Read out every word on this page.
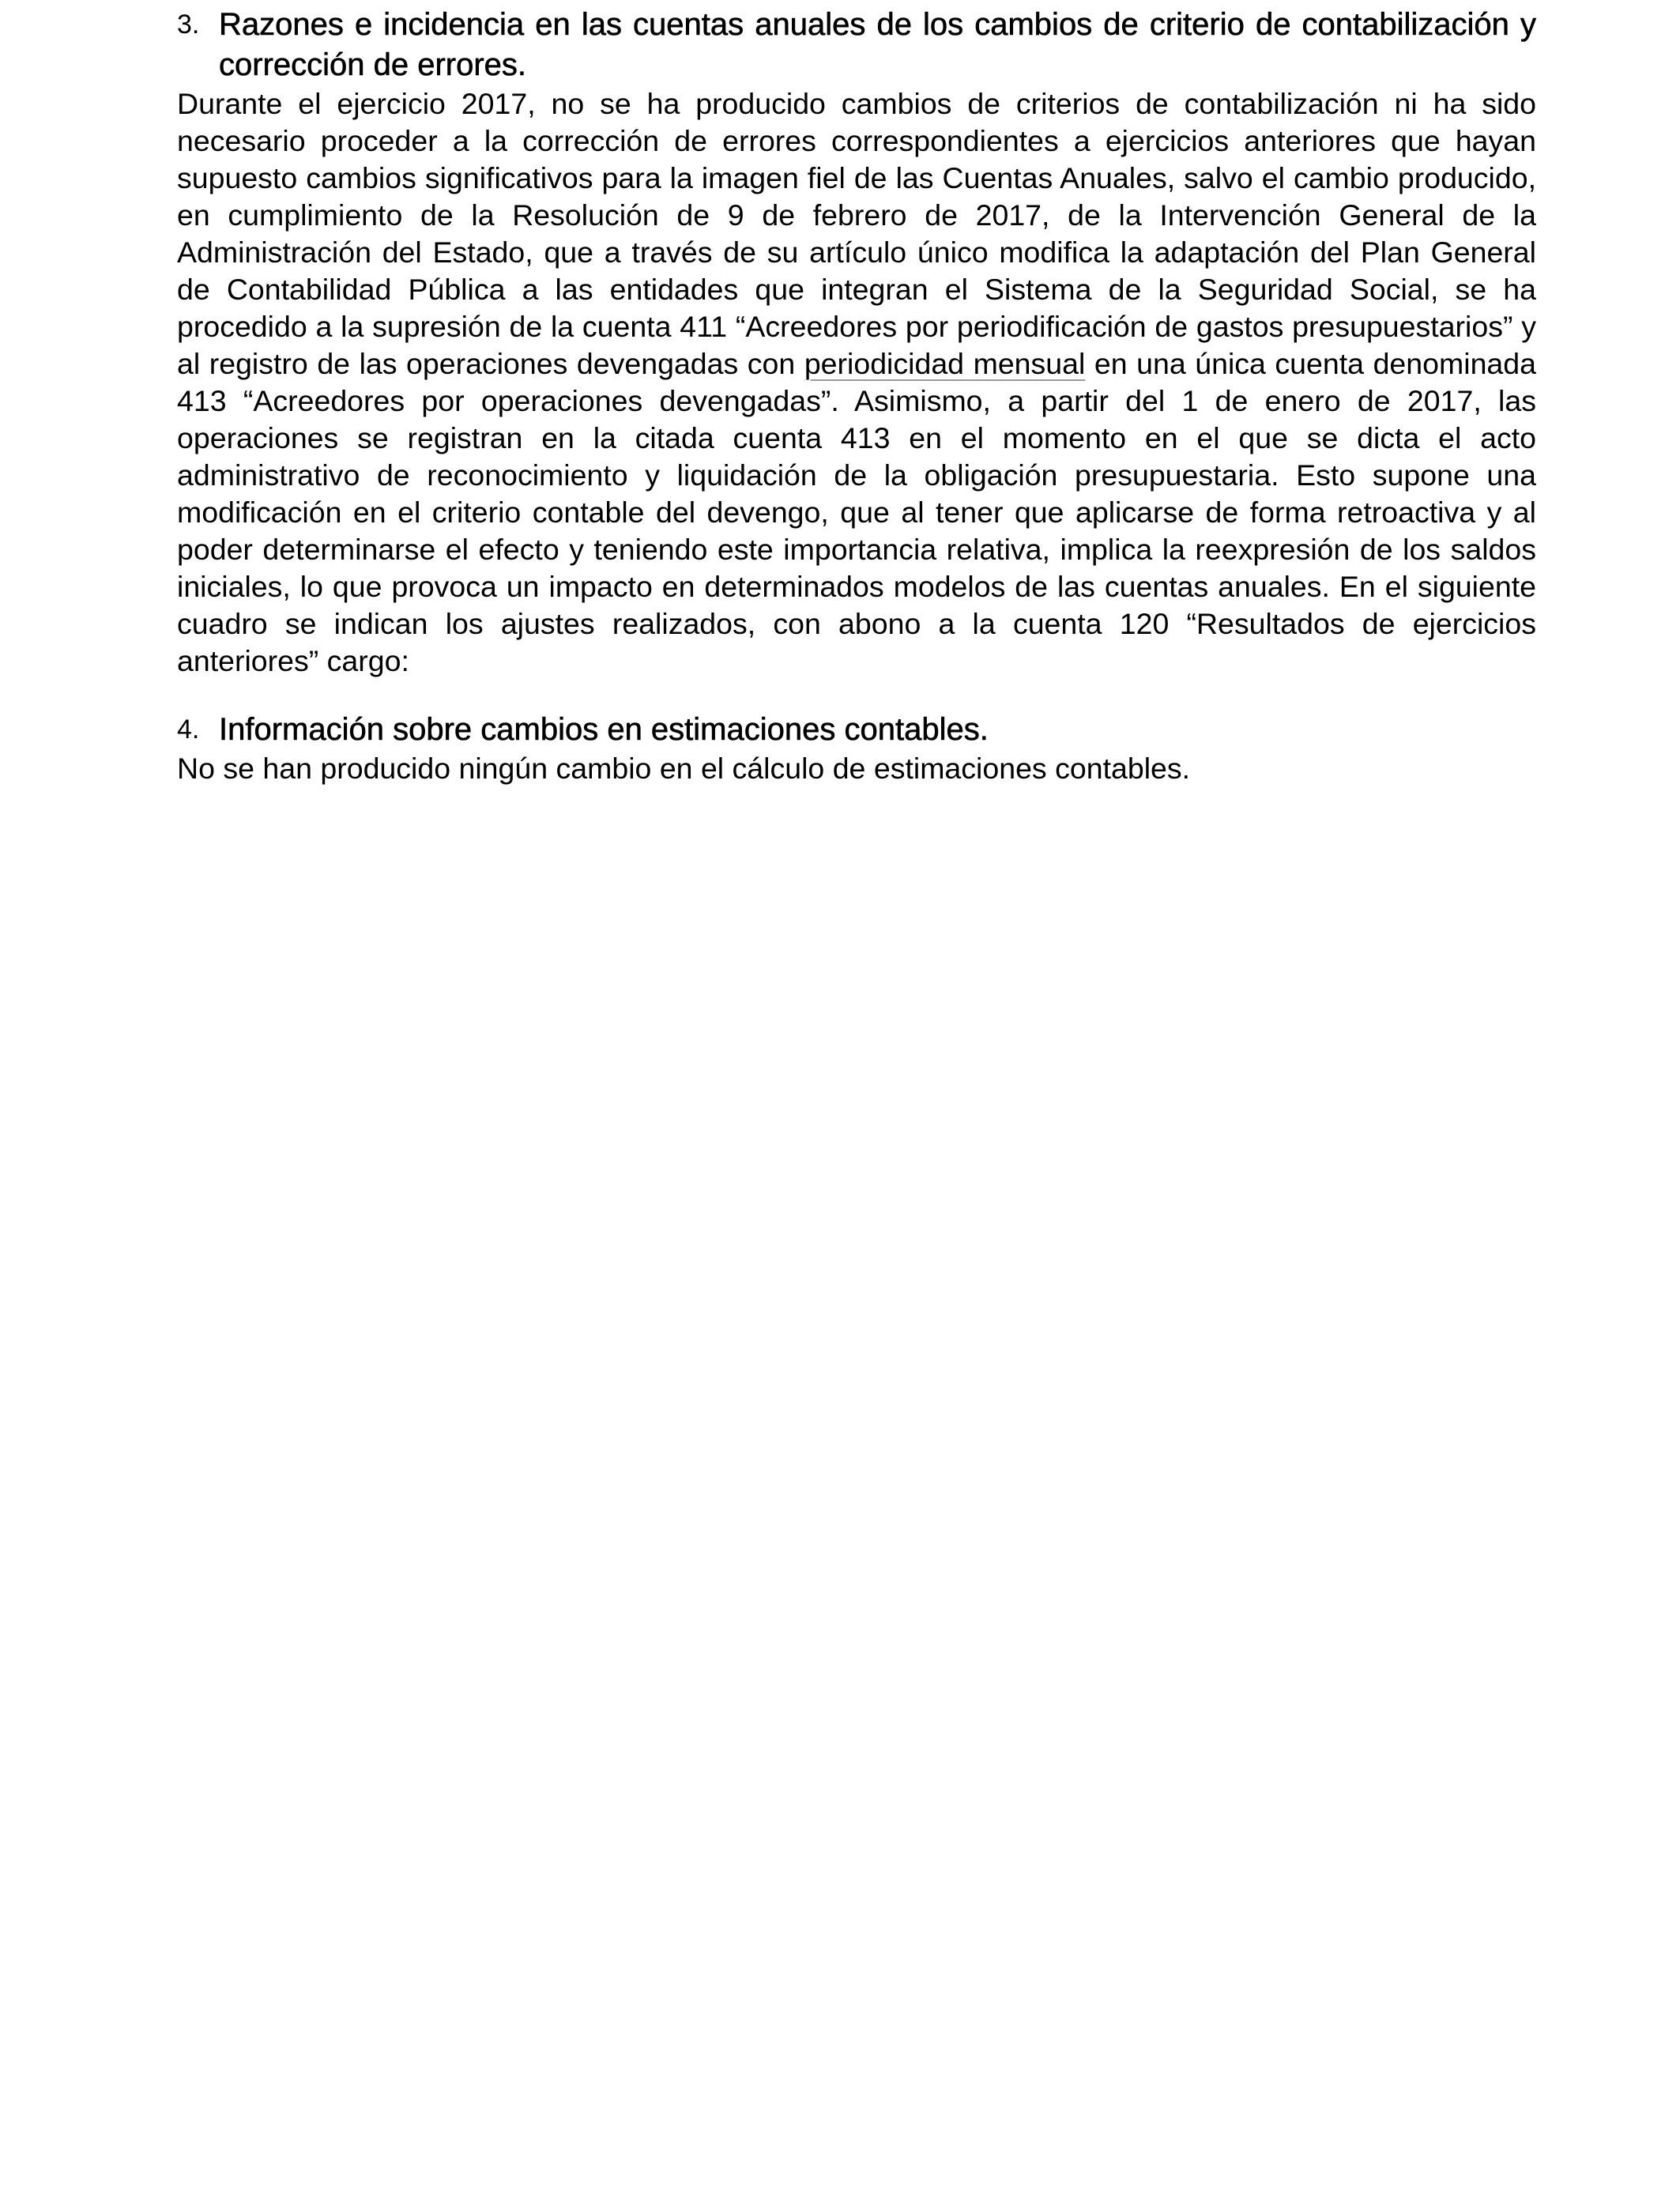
3. Razones e incidencia en las cuentas anuales de los cambios de criterio de contabilización y corrección de errores.

Durante el ejercicio 2017, no se ha producido cambios de criterios de contabilización ni ha sido necesario proceder a la corrección de errores correspondientes a ejercicios anteriores que hayan supuesto cambios significativos para la imagen fiel de las Cuentas Anuales, salvo el cambio producido, en cumplimiento de la Resolución de 9 de febrero de 2017, de la Intervención General de la Administración del Estado, que a través de su artículo único modifica la adaptación del Plan General de Contabilidad Pública a las entidades que integran el Sistema de la Seguridad Social, se ha procedido a la supresión de la cuenta 411 “Acreedores por periodificación de gastos presupuestarios” y al registro de las operaciones devengadas con periodicidad mensual en una única cuenta denominada 413 “Acreedores por operaciones devengadas”. Asimismo, a partir del 1 de enero de 2017, las operaciones se registran en la citada cuenta 413 en el momento en el que se dicta el acto administrativo de reconocimiento y liquidación de la obligación presupuestaria. Esto supone una modificación en el criterio contable del devengo, que al tener que aplicarse de forma retroactiva y al poder determinarse el efecto y teniendo este importancia relativa, implica la reexpresión de los saldos iniciales, lo que provoca un impacto en determinados modelos de las cuentas anuales. En el siguiente cuadro se indican los ajustes realizados, con abono a la cuenta 120 “Resultados de ejercicios anteriores” cargo:

4. Información sobre cambios en estimaciones contables.

No se han producido ningún cambio en el cálculo de estimaciones contables.
